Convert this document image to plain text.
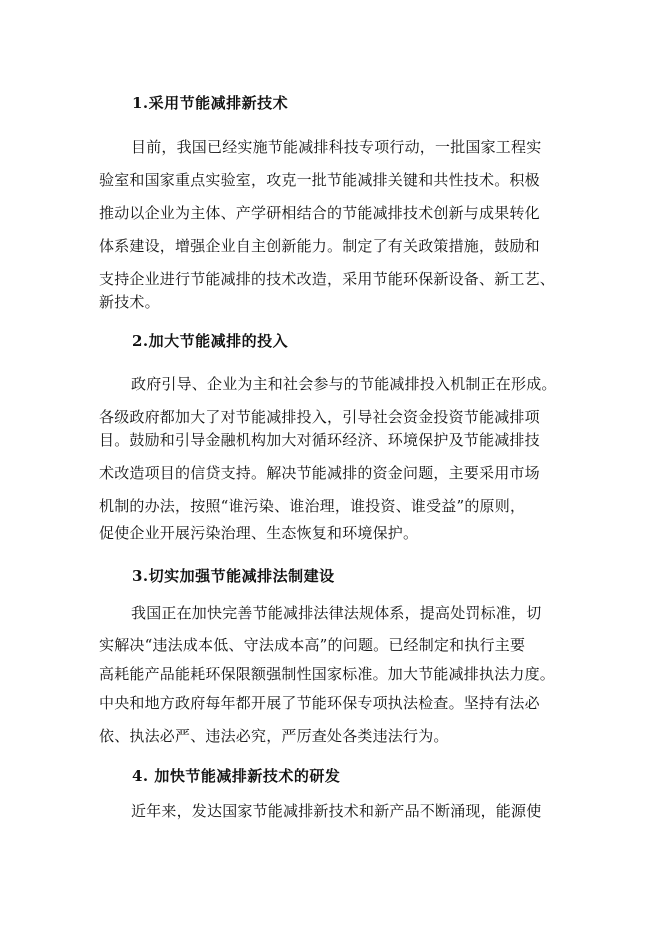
1.采用节能减排新技术
目前，我国已经实施节能减排科技专项行动，一批国家工程实
验室和国家重点实验室，攻克一批节能减排关键和共性技术。积极
推动以企业为主体、产学研相结合的节能减排技术创新与成果转化
体系建设，增强企业自主创新能力。制定了有关政策措施，鼓励和
支持企业进行节能减排的技术改造，采用节能环保新设备、新工艺、
新技术。
2.加大节能减排的投入
政府引导、企业为主和社会参与的节能减排投入机制正在形成。
各级政府都加大了对节能减排投入，引导社会资金投资节能减排项
目。鼓励和引导金融机构加大对循环经济、环境保护及节能减排技
术改造项目的信贷支持。解决节能减排的资金问题，主要采用市场
机制的办法，按照“谁污染、谁治理，谁投资、谁受益”的原则，
促使企业开展污染治理、生态恢复和环境保护。
3.切实加强节能减排法制建设
我国正在加快完善节能减排法律法规体系，提高处罚标准，切
实解决“违法成本低、守法成本高”的问题。已经制定和执行主要
高耗能产品能耗环保限额强制性国家标准。加大节能减排执法力度。
中央和地方政府每年都开展了节能环保专项执法检查。坚持有法必
依、执法必严、违法必究，严厉查处各类违法行为。
4. 加快节能减排新技术的研发
近年来，发达国家节能减排新技术和新产品不断涌现，能源使
